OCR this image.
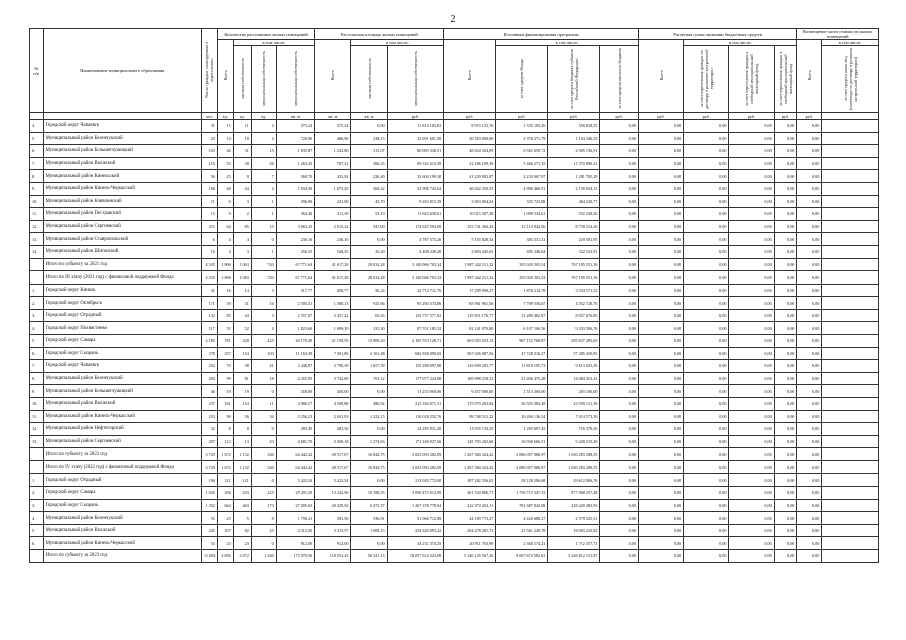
2
№ п/п	Наименование муниципального образования	Число граждан, планируемых к переселению	Количество расселяемых жилых помещений				Расселяемая площадь жилых помещений			Источники финансирования программы				Расчетная сумма экономии бюджетных средств				Возмещение части стоимости жилых помещений	
			Всего	в том числе:			Всего	в том числе:		Всего	в том числе:			Всего	в том числе:			Всего	в том числе:
				частная собственность	муниципальная собственность	муниципальная собственность		частная собственность	муниципальная собственность		за счет средств Фонда	за счет средств бюджета субъекта Российской Федерации	за счет средств местного бюджета		за счет переселения граждан по договору о развитии застроенной территории	за счет переселения граждан в свободный муниципальный жилищный фонд	за счет переселения граждан в свободный муниципальный жилищный фонд		за счет средств иных лиц (инвестора по договору о развитии застроенной территории)
		чел.	ед.	ед.	ед.	кв. м	кв. м	кв. м	руб.	руб.	руб.	руб.	руб.	руб.	руб.	руб.	руб.	руб.	
4.	Городской округ Чапаевск	31	15	11	4	575,24	375,24	0,00	11 814 183,83	8 915 152,76	1 535 183,26	558 818,25	0,00	0,00	0,00	0,00	0,00	0,00	
5.	Муниципальный район Безенчукский	23	14	10	4	726,90	486,90	238,15	32 691 601,50	30 310 000,00	2 378 271,79	1 154 346,53	0,00	0,00	0,00	0,00	0,00	0,00	
6.	Муниципальный район Большеглушицкий	103	46	31	15	1 835,87	1 243,80	313,07	80 083 330,51	48 654 454,09	6 565 659,72	2 905 156,51	0,00	0,00	0,00	0,00	0,00	0,00	
7.	Муниципальный район Волжский	116	55	30	26	1 263,45	787,21	366,25	69 332 613,59	52 186 109,39	5 466 271,35	11 370 096,41	0,00	0,00	0,00	0,00	0,00	0,00	
8.	Муниципальный район Кинельский	56	25	9	7	560,70	432,92	226,40	32 604 199,30	41 229 802,87	2 233 967,97	1 281 705,29	0,00	0,00	0,00	0,00	0,00	0,00	
9.	Муниципальный район Кинель-Черкасский	106	48	44	4	1 934,50	1 675,20	369,22	54 996 743,64	46 922 250,53	4 996 466,91	2 158 034,13	0,00	0,00	0,00	0,00	0,00	0,00	
10.	Муниципальный район Клявлинский	11	6	3	1	296,90	241,00	45,70	9 263 815,39	3 963 004,24	335 723,88	464 220,77	0,00	0,00	0,00	0,00	0,00	0,00	
11.	Муниципальный район Пестравский	15	9	2	1	364,40	311,30	53,10	11 643 658,61	10 015 507,28	1 098 534,61	552 238,20	0,00	0,00	0,00	0,00	0,00	0,00	
12.	Муниципальный район Сергиевский	211	64	85	15	3 663,25	2 615,22	547,00	174 625 594,00	153 741 364,24	12 114 942,56	8 739 314,20	0,00	0,00	0,00	0,00	0,00	0,00	
13.	Муниципальный район Ставропольский	6	4	4	0	236,16	236,16	0,00	4 787 573,20	5 155 828,34	383 331,21	218 581,95	0,00	0,00	0,00	0,00	0,00	0,00	
14.	Муниципальный район Шигонский	10	4	3	1	256,35	168,35	35,20	4 408 249,20	3 803 445,65	485 346,64	322 523,91	0,00	0,00	0,00	0,00	0,00	0,00	
	Итого по субъекту за 2021 год	4 535	1 806	1 063	743	67 771,64	41 617,28	28 034,28	3 140 066 703,34	1 987 442 211,32	355 020 303,54	767 105 551,16	0,00	0,00	0,00	0,00	0,00	0,00	
	Итого по III этапу (2021 год) с финансовой поддержкой Фонда	4 535	1 806	1 063	743	67 771,64	41 617,28	28 034,28	3 140 066 703,34	1 987 442 211,32	355 020 303,54	767 105 551,16	0,00	0,00	0,00	0,00	0,00	0,00	
1.	Городской округ Кинель	41	16	14	3	517,77	458,77	56,24	22 712 711,76	17 299 990,27	1 878 214,78	3 534 571,52	0,00	0,00	0,00	0,00	0,00	0,00	
2.	Городской округ Октябрьск	171	39	31	16	2 505,31	1 580,13	925,66	95 294 574,86	85 961 961,56	7 709 556,67	4 552 728,76	0,00	0,00	0,00	0,00	0,00	0,00	
3.	Городской округ Отрадный	132	85	44	3	2 557,07	2 457,22	65,45	135 757 577,02	119 951 176,77	11 289 482,97	8 927 676,85	0,00	0,00	0,00	0,00	0,00	0,00	
4.	Городской округ Похвистнево	117	55	52	4	1 823,60	1 699,10	135,30	87 551 185,32	82 141 070,80	6 107 106,56	9 233 596,76	0,00	0,00	0,00	0,00	0,00	0,00	
5.	Городской округ Самара	2 185	781	328	425	26 170,49	21 139,59	15 069,20	2 105 553 128,71	603 053 033,14	967 152 768,87	295 637 285,65	0,00	0,00	0,00	0,00	0,00	0,00	
6.	Городской округ Сызрань	378	257	154	103	11 163,39	7 301,86	4 161,48	682 858 090,65	567 026 087,56	47 728 316,27	57 285 450,85	0,00	0,00	0,00	0,00	0,00	0,00	
7.	Городской округ Чапаевск	252	70	38	41	3 448,87	2 790,30	1 657,59	155 288 697,80	145 699 205,77	11 818 195,73	9 613 025,29	0,00	0,00	0,00	0,00	0,00	0,00	
8.	Муниципальный район Безенчукский	294	99	81	18	4 455,95	3 742,00	703,12	177 077 224,88	169 098 218,52	21 496 475,28	14 084 453,41	0,00	0,00	0,00	0,00	0,00	0,00	
9.	Муниципальный район Большеглушицкий	46	19	19	0	450,00	450,00	0,00	11 253 060,00	9 457 000,00	1 513 360,00	283 100,00	0,00	0,00	0,00	0,00	0,00	0,00	
10.	Муниципальный район Волжский	237	161	154	11	4 986,57	4 509,88	486,92	213 184 071,31	175 079 292,84	36 925 384,28	23 950 131,39	0,00	0,00	0,00	0,00	0,00	0,00	
11.	Муниципальный район Кинель-Черкасский	233	90	56	34	3 256,23	2 041,93	1 222,15	116 028 252,76	98 748 512,22	10 266 136,24	7 014 573,30	0,00	0,00	0,00	0,00	0,00	0,00	
12.	Муниципальный район Нефтегорский	32	8	8	0	283,30	283,30	0,00	14 285 831,20	13 055 133,29	1 205 697,45	716 576,56	0,00	0,00	0,00	0,00	0,00	0,00	
13.	Муниципальный район Сергиевский	207	112	13	23	4 681,70	3 458,18	1 274,63	171 169 927,66	145 703 265,68	16 038 606,51	9 428 315,49	0,00	0,00	0,00	0,00	0,00	0,00	
	Итого по субъекту за 2022 год	3 729	1 672	1 132	540	64 442,42	49 517,67	16 844,75	3 023 093 282,09	1 267 360 424,42	2 086 057 086,97	1 030 283 288,55	0,00	0,00	0,00	0,00	0,00	0,00	
	Итого по IV этапу (2022 год) с финансовой поддержкой Фонда	3 729	1 672	1 132	540	64 442,42	49 517,67	16 844,75	3 023 093 282,09	1 267 360 424,42	2 086 057 086,97	1 030 283 288,55	0,00	0,00	0,00	0,00	0,00	0,00	
1.	Городской округ Отрадный	196	121	121	0	5 422,54	5 422,54	0,00	213 020 772,00	187 182 356,63	28 128 396,68	29 612 006,76	0,00	0,00	0,00	0,00	0,00	0,00	
2.	Городской округ Самара	1 026	256	433	225	25 291,20	13 242,90	10 398,35	3 050 472 012,00	361 334 866,71	1 756 715 347,33	877 068 257,48	0,00	0,00	0,00	0,00	0,00	0,00	
3.	Городской округ Сызрань	1 352	644	463	173	27 005,63	20 329,56	6 473,57	1 267 378 778,94	222 972 452,11	781 687 842,08	228 420 483,95	0,00	0,00	0,00	0,00	0,00	0,00	
4.	Муниципальный район Безенчукский	55	25	5	8	1 790,41	393,50	536,91	51 066 712,88	44 109 772,27	4 426 688,27	2 579 325,51	0,00	0,00	0,00	0,00	0,00	0,00	
5.	Муниципальный район Волжский	245	107	82	25	4 312,50	3 313,57	1 008,13	234 320 093,22	204 278 281,72	21 561 249,78	18 003 225,82	0,00	0,00	0,00	0,00	0,00	0,00	
6.	Муниципальный район Кинель-Черкасский	53	23	23	0	912,00	912,00	0,00	34 231 374,35	20 911 763,99	2 366 574,21	1 712 357,71	0,00	0,00	0,00	0,00	0,00	0,00	
	Итого по субъекту за 2023 год	11 004	4 830	3 872	1 340	175 079,56	118 553,43	56 541,13	18 057 614 523,08	5 146 145 567,26	9 007 672 582,81	3 246 812 151,97	0,00	0,00	0,00	0,00	0,00	0,00	
